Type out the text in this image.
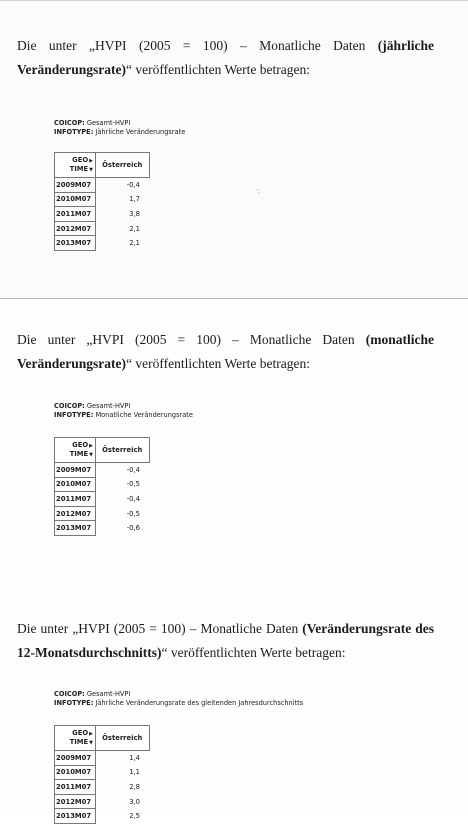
Die unter „HVPI (2005 = 100) – Monatliche Daten (jährliche Veränderungsrate)“ veröffentlichten Werte betragen:

COICOP: Gesamt-HVPI
INFOTYPE: Jährliche Veränderungsrate
GEO▶
TIME▼	Österreich
2009M07	-0,4
2010M07	1,7
2011M07	3,8
2012M07	2,1
2013M07	2,1
·:

Die unter „HVPI (2005 = 100) – Monatliche Daten (monatliche Veränderungsrate)“ veröffentlichten Werte betragen:

COICOP: Gesamt-HVPI
INFOTYPE: Monatliche Veränderungsrate
GEO▶
TIME▼	Österreich
2009M07	-0,4
2010M07	-0,5
2011M07	-0,4
2012M07	-0,5
2013M07	-0,6

Die unter „HVPI (2005 = 100) – Monatliche Daten (Veränderungsrate des 12-Monatsdurchschnitts)“ veröffentlichten Werte betragen:

COICOP: Gesamt-HVPI
INFOTYPE: Jährliche Veränderungsrate des gleitenden Jahresdurchschnitts
GEO▶
TIME▼	Österreich
2009M07	1,4
2010M07	1,1
2011M07	2,8
2012M07	3,0
2013M07	2,5
